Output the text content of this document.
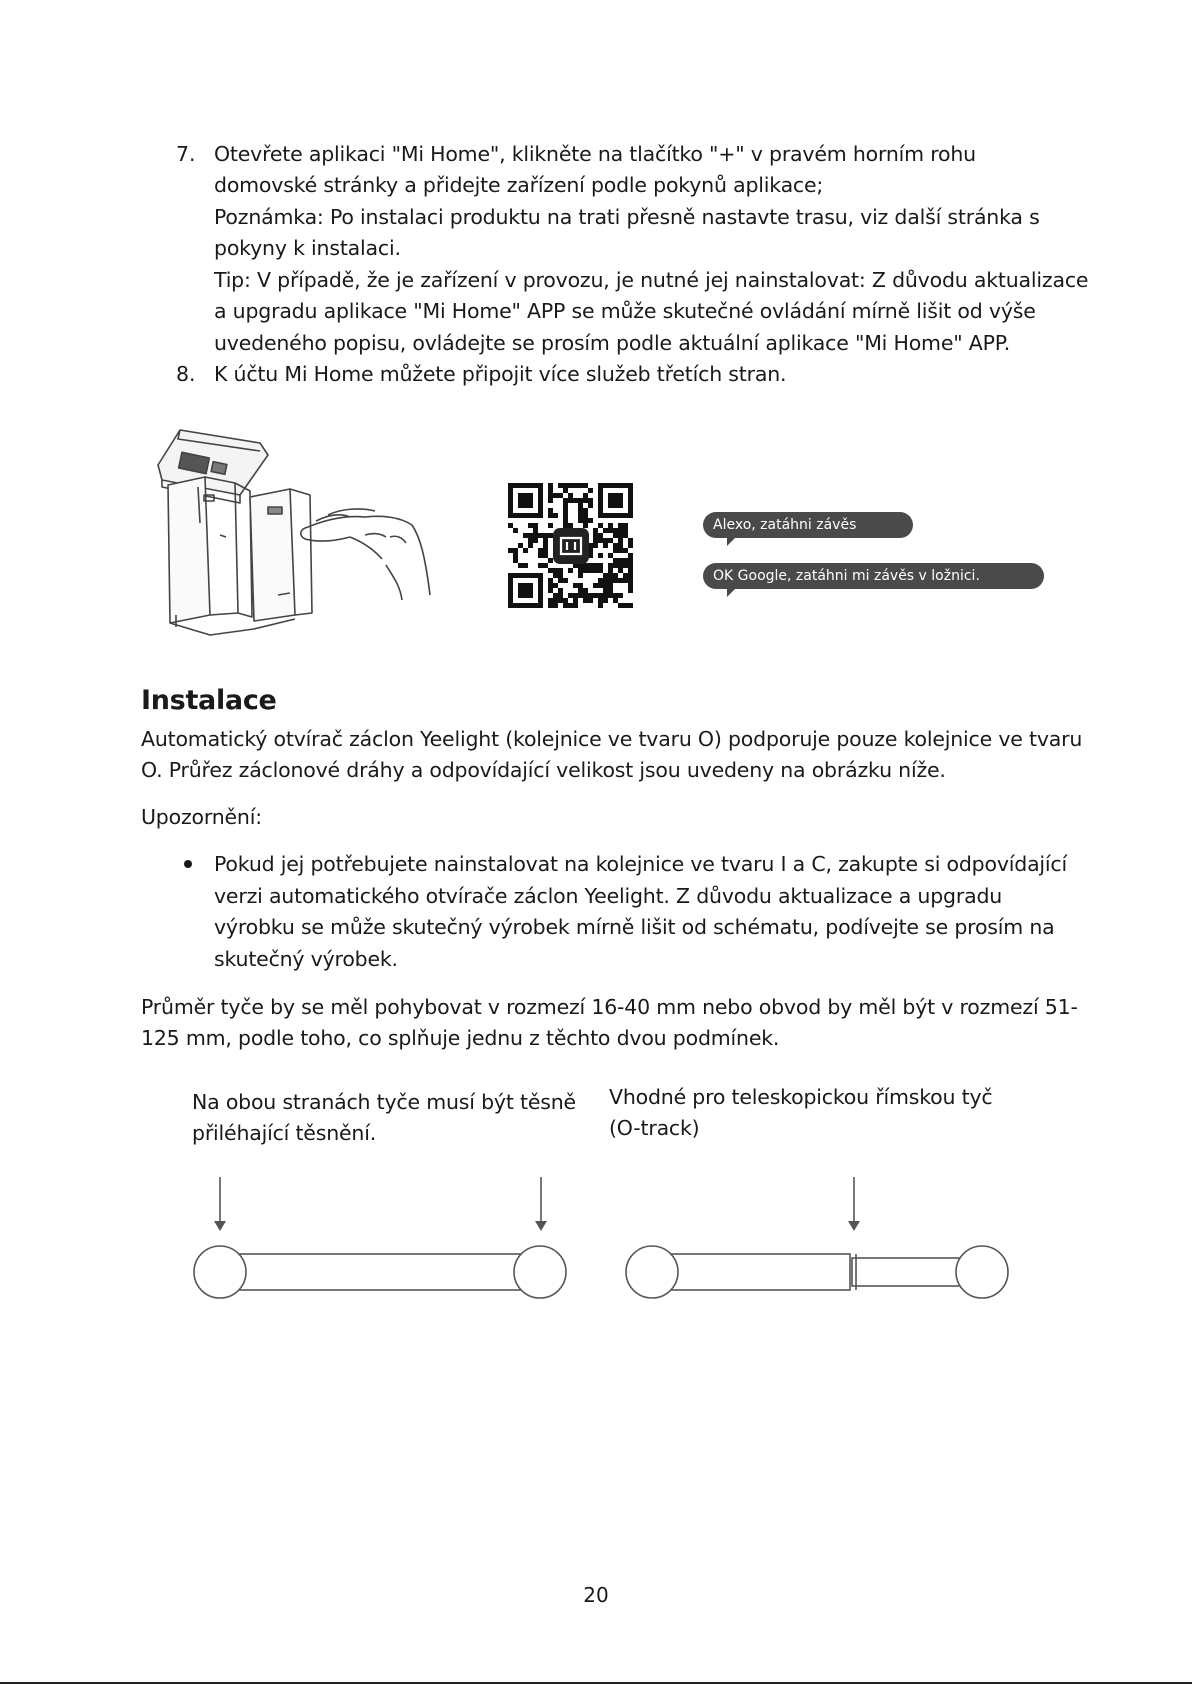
7. Otevřete aplikaci "Mi Home", klikněte na tlačítko "+" v pravém horním rohu
domovské stránky a přidejte zařízení podle pokynů aplikace;
Poznámka: Po instalaci produktu na trati přesně nastavte trasu, viz další stránka s
pokyny k instalaci.
Tip: V případě, že je zařízení v provozu, je nutné jej nainstalovat: Z důvodu aktualizace
a upgradu aplikace "Mi Home" APP se může skutečné ovládání mírně lišit od výše
uvedeného popisu, ovládejte se prosím podle aktuální aplikace "Mi Home" APP.
8. K účtu Mi Home můžete připojit více služeb třetích stran.
Alexo, zatáhni závěs
OK Google, zatáhni mi závěs v ložnici.
Instalace
Automatický otvírač záclon Yeelight (kolejnice ve tvaru O) podporuje pouze kolejnice ve tvaru
O. Průřez záclonové dráhy a odpovídající velikost jsou uvedeny na obrázku níže.
Upozornění:
Pokud jej potřebujete nainstalovat na kolejnice ve tvaru I a C, zakupte si odpovídající
verzi automatického otvírače záclon Yeelight. Z důvodu aktualizace a upgradu
výrobku se může skutečný výrobek mírně lišit od schématu, podívejte se prosím na
skutečný výrobek.
Průměr tyče by se měl pohybovat v rozmezí 16-40 mm nebo obvod by měl být v rozmezí 51-
125 mm, podle toho, co splňuje jednu z těchto dvou podmínek.
Na obou stranách tyče musí být těsně
přiléhající těsnění.
Vhodné pro teleskopickou římskou tyč
(O-track)
20
